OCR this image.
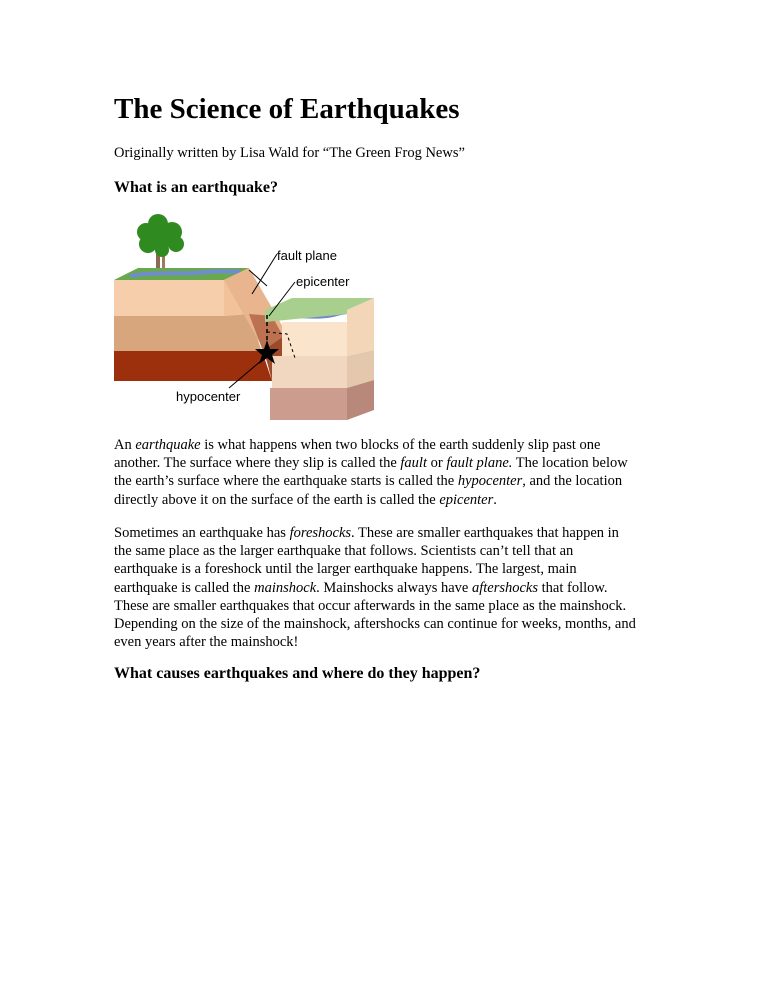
The Science of Earthquakes

Originally written by Lisa Wald for “The Green Frog News”

What is an earthquake?
fault plane
epicenter
hypocenter

An earthquake is what happens when two blocks of the earth suddenly slip past one
another. The surface where they slip is called the fault or fault plane. The location below
the earth’s surface where the earthquake starts is called the hypocenter, and the location
directly above it on the surface of the earth is called the epicenter.

Sometimes an earthquake has foreshocks. These are smaller earthquakes that happen in
the same place as the larger earthquake that follows. Scientists can’t tell that an
earthquake is a foreshock until the larger earthquake happens. The largest, main
earthquake is called the mainshock. Mainshocks always have aftershocks that follow.
These are smaller earthquakes that occur afterwards in the same place as the mainshock.
Depending on the size of the mainshock, aftershocks can continue for weeks, months, and
even years after the mainshock!

What causes earthquakes and where do they happen?
